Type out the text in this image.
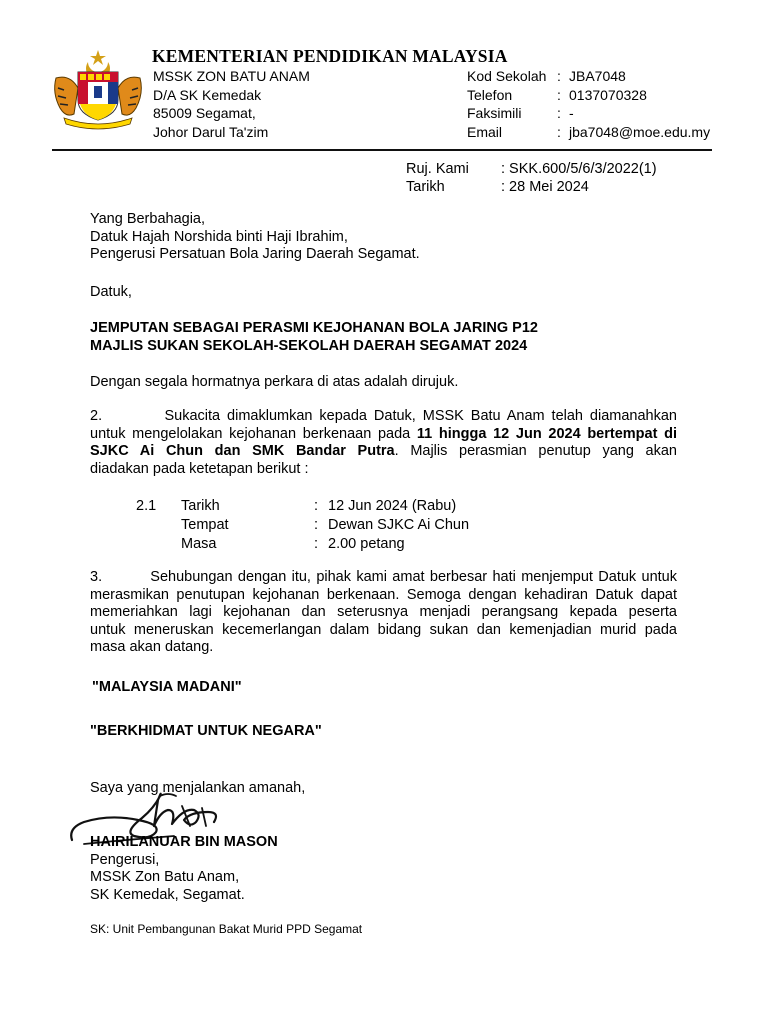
KEMENTERIAN PENDIDIKAN MALAYSIA
MSSK ZON BATU ANAM
D/A SK Kemedak
85009 Segamat,
Johor Darul Ta'zim
Kod Sekolah : JBA7048
Telefon	: 0137070328
Faksimili	: -
Email	: jba7048@moe.edu.my
Ruj. Kami	: SKK.600/5/6/3/2022(1)
Tarikh	: 28 Mei 2024

Yang Berbahagia,

Datuk Hajah Norshida binti Haji Ibrahim,

Pengerusi Persatuan Bola Jaring Daerah Segamat.

Datuk,

JEMPUTAN SEBAGAI PERASMI KEJOHANAN BOLA JARING P12

MAJLIS SUKAN SEKOLAH-SEKOLAH DAERAH SEGAMAT 2024

Dengan segala hormatnya perkara di atas adalah dirujuk.

2.	Sukacita dimaklumkan kepada Datuk, MSSK Batu Anam telah diamanahkan

untuk mengelolakan kejohanan berkenaan pada 11 hingga 12 Jun 2024 bertempat di

SJKC Ai Chun dan SMK Bandar Putra. Majlis perasmian penutup yang akan

diadakan pada ketetapan berikut :

2.1	Tarikh	: 12 Jun 2024 (Rabu)
Tempat	: Dewan SJKC Ai Chun
Masa	: 2.00 petang

3.	Sehubungan dengan itu, pihak kami amat berbesar hati menjemput Datuk untuk

merasmikan penutupan kejohanan berkenaan. Semoga dengan kehadiran Datuk dapat

memeriahkan lagi kejohanan dan seterusnya menjadi perangsang kepada peserta

untuk meneruskan kecemerlangan dalam bidang sukan dan kemenjadian murid pada

masa akan datang.

"MALAYSIA MADANI"

"BERKHIDMAT UNTUK NEGARA"

Saya yang menjalankan amanah,

HAIRILANUAR BIN MASON

Pengerusi,

MSSK Zon Batu Anam,

SK Kemedak, Segamat.

SK: Unit Pembangunan Bakat Murid PPD Segamat
